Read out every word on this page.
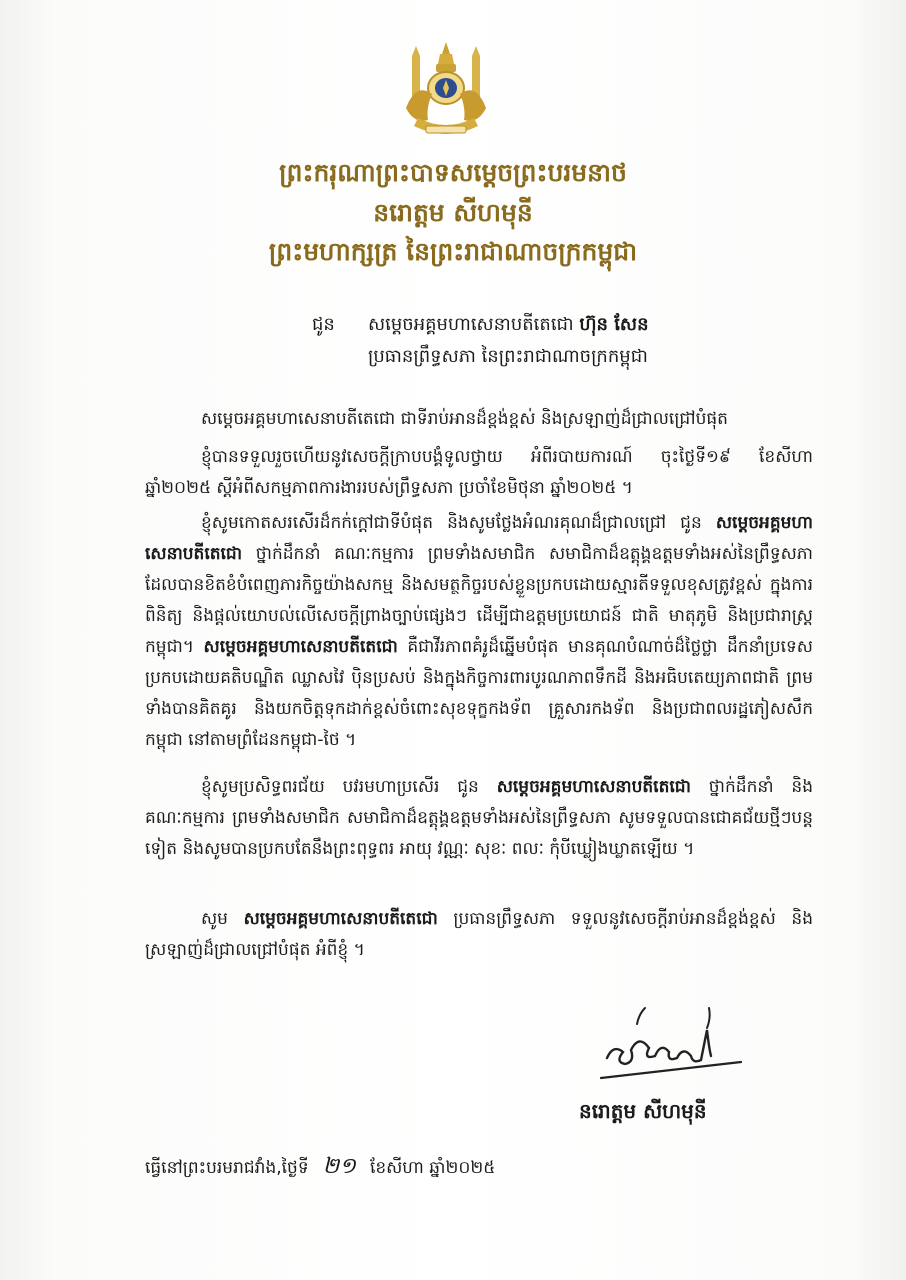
ព្រះករុណាព្រះបាទសម្តេចព្រះបរមនាថ
នរោត្តម សីហមុនី
ព្រះមហាក្សត្រ នៃព្រះរាជាណាចក្រកម្ពុជា
ជូន សម្តេចអគ្គមហាសេនាបតីតេជោ ហ៊ុន សែន
ប្រធានព្រឹទ្ធសភា នៃព្រះរាជាណាចក្រកម្ពុជា
សម្តេចអគ្គមហាសេនាបតីតេជោ ជាទីរាប់អានដ៏ខ្ពង់ខ្ពស់ និងស្រឡាញ់ដ៏ជ្រាលជ្រៅបំផុត
ខ្ញុំបានទទួលរួចហើយនូវសេចក្តីក្រាបបង្គំទូលថ្វាយ អំពីរបាយការណ៍ ចុះថ្ងៃទី១៩ ខែសីហា ឆ្នាំ២០២៥ ស្តីអំពីសកម្មភាពការងាររបស់ព្រឹទ្ធសភា ប្រចាំខែមិថុនា ឆ្នាំ២០២៥ ។
ខ្ញុំសូមកោតសរសើរដ៏កក់ក្តៅជាទីបំផុត និងសូមថ្លែងអំណរគុណដ៏ជ្រាលជ្រៅ ជូន សម្តេចអគ្គមហាសេនាបតីតេជោ ថ្នាក់ដឹកនាំ គណៈកម្មការ ព្រមទាំងសមាជិក សមាជិកាដ៏ឧត្តុង្គឧត្តមទាំងអស់នៃព្រឹទ្ធសភា ដែលបានខិតខំបំពេញភារកិច្ចយ៉ាងសកម្ម និងសមត្ថកិច្ចរបស់ខ្លួនប្រកបដោយស្មារតីទទួលខុសត្រូវខ្ពស់ ក្នុងការពិនិត្យ និងផ្តល់យោបល់លើសេចក្តីព្រាងច្បាប់ផ្សេងៗ ដើម្បីជាឧត្តមប្រយោជន៍ ជាតិ មាតុភូមិ និងប្រជារាស្ត្រកម្ពុជា។ សម្តេចអគ្គមហាសេនាបតីតេជោ គឺជាវីរភាពគំរូដ៏ឆ្នើមបំផុត មានគុណបំណាច់ដ៏ថ្លៃថ្លា ដឹកនាំប្រទេសប្រកបដោយគតិបណ្ឌិត ឈ្លាសវៃ ប៉ិនប្រសប់ និងក្នុងកិច្ចការពារបូរណភាពទឹកដី និងអធិបតេយ្យភាពជាតិ ព្រមទាំងបានគិតគូរ និងយកចិត្តទុកដាក់ខ្ពស់ចំពោះសុខទុក្ខកងទ័ព គ្រួសារកងទ័ព និងប្រជាពលរដ្ឋភៀសសឹកកម្ពុជា នៅតាមព្រំដែនកម្ពុជា-ថៃ ។
ខ្ញុំសូមប្រសិទ្ធពរជ័យ បវរមហាប្រសើរ ជូន សម្តេចអគ្គមហាសេនាបតីតេជោ ថ្នាក់ដឹកនាំ និងគណៈកម្មការ ព្រមទាំងសមាជិក សមាជិកាដ៏ឧត្តុង្គឧត្តមទាំងអស់នៃព្រឹទ្ធសភា សូមទទួលបានជោគជ័យថ្មីៗបន្តទៀត និងសូមបានប្រកបតែនឹងព្រះពុទ្ធពរ អាយុ វណ្ណៈ សុខៈ ពលៈ កុំបីឃ្លៀងឃ្លាតឡើយ ។
សូម សម្តេចអគ្គមហាសេនាបតីតេជោ ប្រធានព្រឹទ្ធសភា ទទួលនូវសេចក្តីរាប់អានដ៏ខ្ពង់ខ្ពស់ និងស្រឡាញ់ដ៏ជ្រាលជ្រៅបំផុត អំពីខ្ញុំ ។
នរោត្តម សីហមុនី
ធ្វើនៅព្រះបរមរាជវាំង,ថ្ងៃទី ២១ ខែសីហា ឆ្នាំ២០២៥
